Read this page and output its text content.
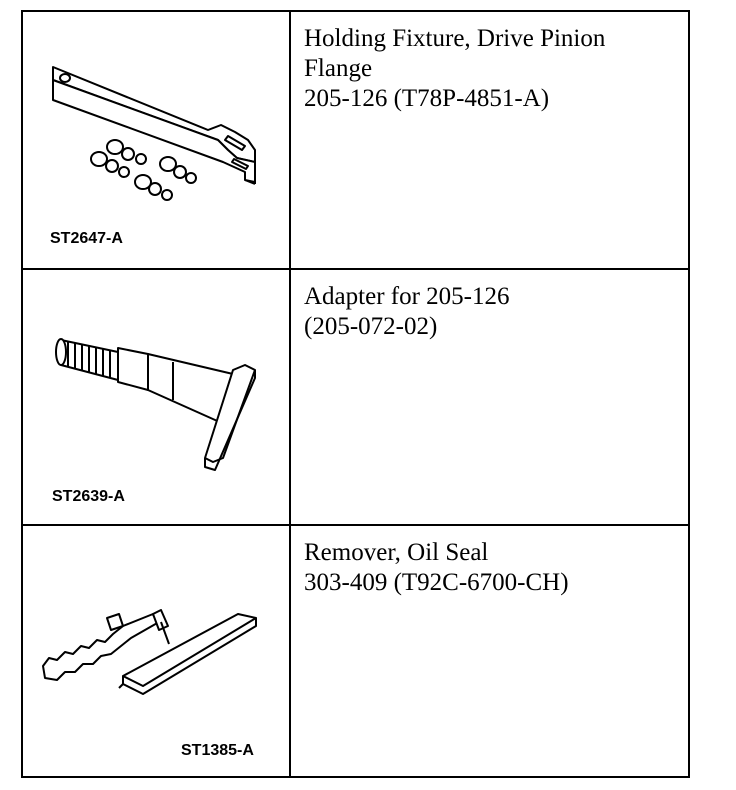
ST2647-A
Holding Fixture, Drive Pinion
Flange
205-126 (T78P-4851-A)
ST2639-A
Adapter for 205-126
(205-072-02)
ST1385-A
Remover, Oil Seal
303-409 (T92C-6700-CH)
